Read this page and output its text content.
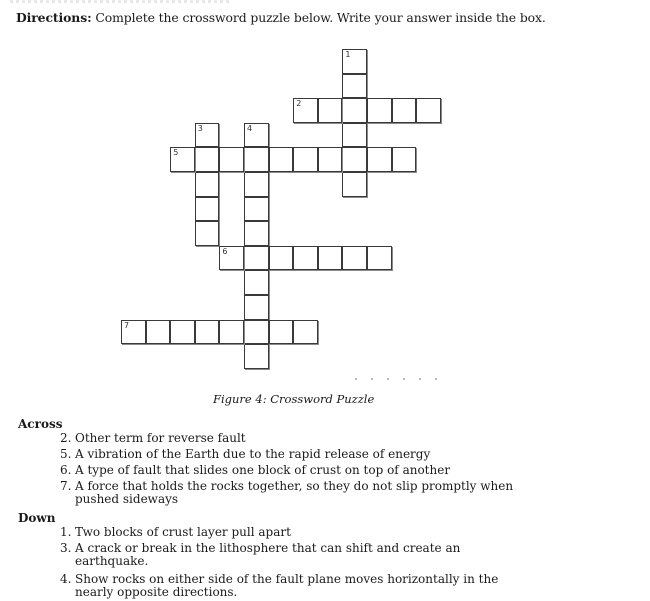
Directions: Complete the crossword puzzle below. Write your answer inside the box.
1
2
3	4
5
6
7
Figure 4: Crossword Puzzle
Across
2. Other term for reverse fault
5. A vibration of the Earth due to the rapid release of energy
6. A type of fault that slides one block of crust on top of another
7. A force that holds the rocks together, so they do not slip promptly when
pushed sideways
Down
1. Two blocks of crust layer pull apart
3. A crack or break in the lithosphere that can shift and create an
earthquake.
4. Show rocks on either side of the fault plane moves horizontally in the
nearly opposite directions.
